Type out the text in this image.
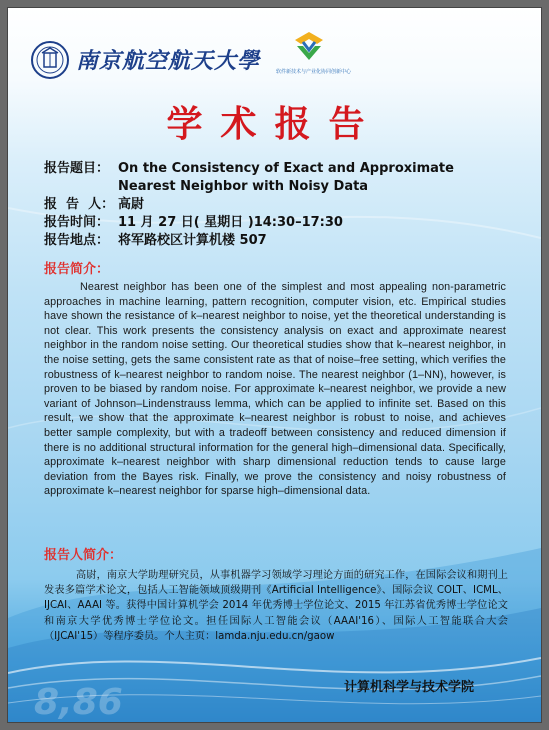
8,86
南京航空航天大學	软件新技术与产业化协同创新中心
学术报告
报告题目： On the Consistency of Exact and Approximate
Nearest Neighbor with Noisy Data
报  告  人： 高尉
报告时间： 11 月 27 日( 星期日 )14:30–17:30
报告地点： 将军路校区计算机楼 507
报告简介：
Nearest neighbor has been one of the simplest and most appealing non-parametric approaches in machine learning, pattern recognition, computer vision, etc. Empirical studies have shown the resistance of k–nearest neighbor to noise, yet the theoretical understanding is not clear. This work presents the consistency analysis on exact and approximate nearest neighbor in the random noise setting. Our theoretical studies show that k–nearest neighbor, in the noise setting, gets the same consistent rate as that of noise–free setting, which verifies the robustness of k–nearest neighbor to random noise. The nearest neighbor (1–NN), however, is proven to be biased by random noise. For approximate k–nearest neighbor, we provide a new variant of Johnson–Lindenstrauss lemma, which can be applied to infinite set. Based on this result, we show that the approximate k–nearest neighbor is robust to noise, and achieves better sample complexity, but with a tradeoff between consistency and reduced dimension if there is no additional structural information for the general high–dimensional data. Specifically, approximate k–nearest neighbor with sharp dimensional reduction tends to cause large deviation from the Bayes risk. Finally, we prove the consistency and noisy robustness of approximate k–nearest neighbor for sparse high–dimensional data.
报告人简介：
高尉，南京大学助理研究员，从事机器学习领域学习理论方面的研究工作，在国际会议和期刊上发表多篇学术论文，包括人工智能领域顶级期刊《Artificial Intelligence》、国际会议 COLT、ICML、IJCAI、AAAI 等。获得中国计算机学会 2014 年优秀博士学位论文、2015 年江苏省优秀博士学位论文和南京大学优秀博士学位论文。担任国际人工智能会议（AAAI'16）、国际人工智能联合大会（IJCAI'15）等程序委员。个人主页：lamda.nju.edu.cn/gaow
计算机科学与技术学院
